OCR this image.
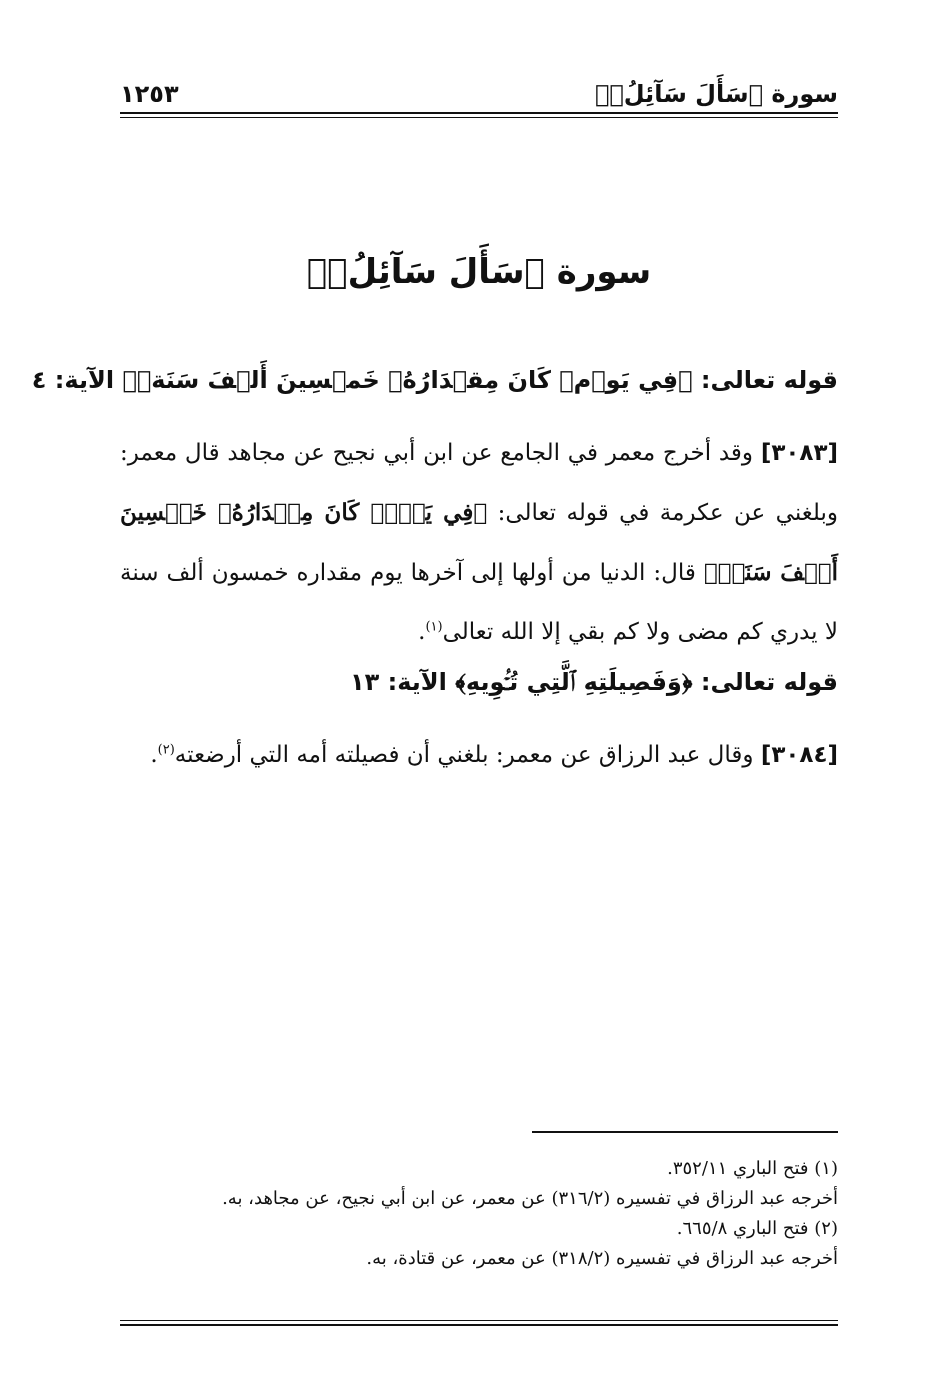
سورة ﴿سَأَلَ سَآئِلُۢ﴾
١٢٥٣
سورة ﴿سَأَلَ سَآئِلُۢ﴾
قوله تعالى: ﴿فِي يَوۡمٖ كَانَ مِقۡدَارُهُۥ خَمۡسِينَ أَلۡفَ سَنَةٖ﴾ الآية: ٤
[٣٠٨٣] وقد أخرج معمر في الجامع عن ابن أبي نجيح عن مجاهد قال معمر: وبلغني عن عكرمة في قوله تعالى: ﴿فِي يَوۡمٖ كَانَ مِقۡدَارُهُۥ خَمۡسِينَ أَلۡفَ سَنَةٖ﴾ قال: الدنيا من أولها إلى آخرها يوم مقداره خمسون ألف سنة لا يدري كم مضى ولا كم بقي إلا الله تعالى$^{(١)}$.
قوله تعالى: ﴿وَفَصِيلَتِهِ ٱلَّتِي تُـٔۡوِيهِ﴾ الآية: ١٣
[٣٠٨٤] وقال عبد الرزاق عن معمر: بلغني أن فصيلته أمه التي أرضعته$^{(٢)}$.
(١) فتح الباري ٣٥٢/١١.
أخرجه عبد الرزاق في تفسيره (٣١٦/٢) عن معمر، عن ابن أبي نجيح، عن مجاهد، به.
(٢) فتح الباري ٦٦٥/٨.
أخرجه عبد الرزاق في تفسيره (٣١٨/٢) عن معمر، عن قتادة، به.
